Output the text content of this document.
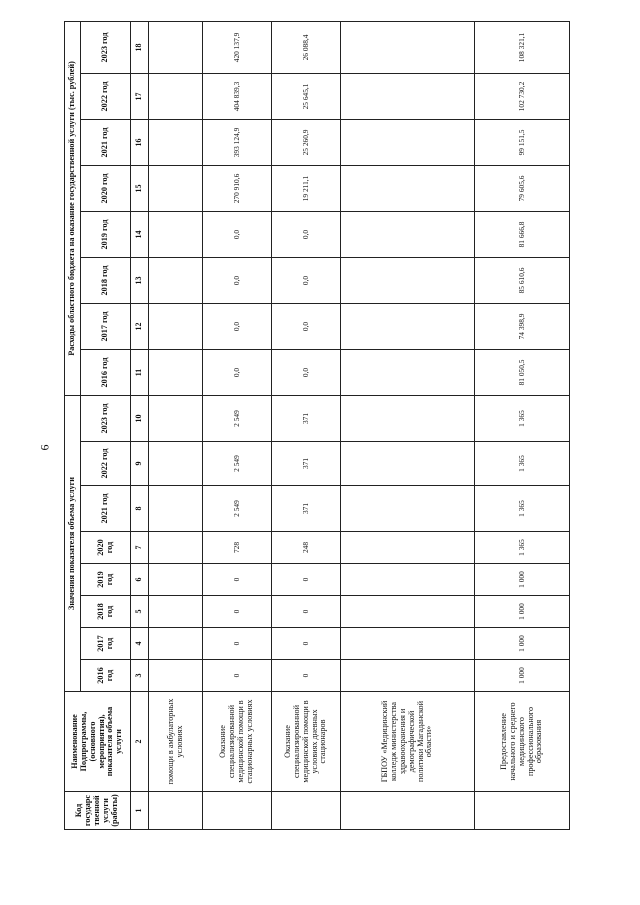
6
Код государственной услуги (работы)	Наименование Подпрограммы, (основного мероприятия), показателя объема услуги	Значения показателя объема услуги								Расходы областного бюджета на оказание государственной услуги (тыс. рублей)							
		2016 год	2017 год	2018 год	2019 год	2020 год	2021 год	2022 год	2023 год	2016 год	2017 год	2018 год	2019 год	2020 год	2021 год	2022 год	2023 год
1	2	3	4	5	6	7	8	9	10	11	12	13	14	15	16	17	18
	помощи в амбулаторных условиях																
	Оказание специализированной медицинской помощи в стационарных условиях	0	0	0	0	728	2 549	2 549	2 549	0,0	0,0	0,0	0,0	270 910,6	393 124,9	404 839,3	420 137,9
	Оказание специализированной медицинской помощи в условиях дневных стационаров	0	0	0	0	248	371	371	371	0,0	0,0	0,0	0,0	19 211,1	25 260,9	25 645,1	26 088,4
	ГБПОУ «Медицинский колледж министерства здравоохранения и демографической политики Магаданской области»																
	Предоставление начального и среднего медицинского профессионального образования	1 000	1 000	1 000	1 000	1 365	1 365	1 365	1 365	81 050,5	74 398,9	85 610,6	81 666,8	79 605,6	99 151,5	102 730,2	108 321,1
